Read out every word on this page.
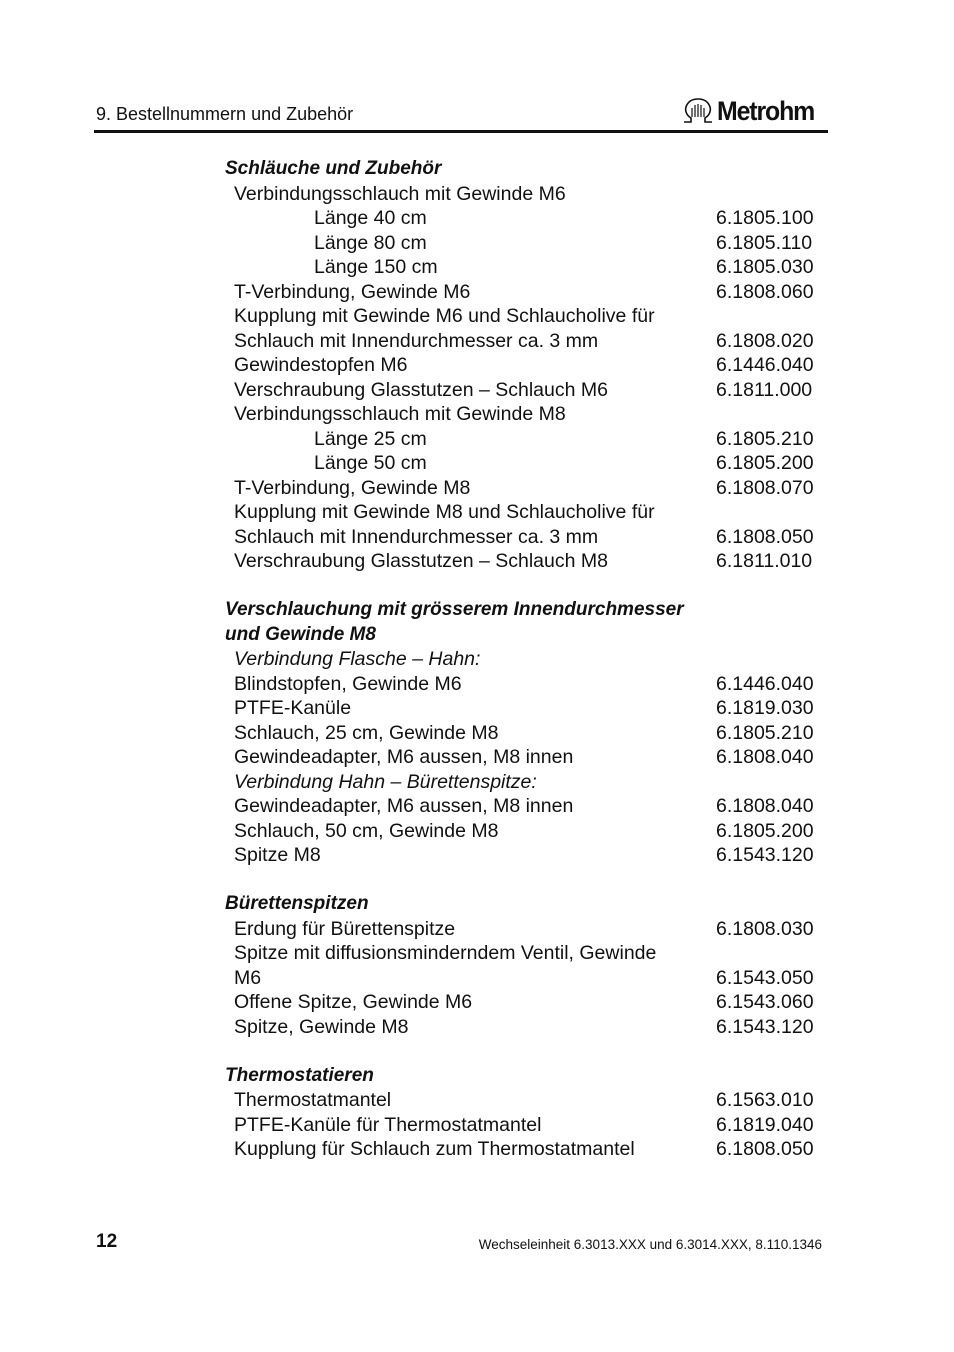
9. Bestellnummern und Zubehör	Metrohm
Schläuche und Zubehör
Verbindungsschlauch mit Gewinde M6
Länge 40 cm	6.1805.100
Länge 80 cm	6.1805.110
Länge 150 cm	6.1805.030
T-Verbindung, Gewinde M6	6.1808.060
Kupplung mit Gewinde M6 und Schlaucholive für
Schlauch mit Innendurchmesser ca. 3 mm	6.1808.020
Gewindestopfen M6	6.1446.040
Verschraubung Glasstutzen – Schlauch M6	6.1811.000
Verbindungsschlauch mit Gewinde M8
Länge 25 cm	6.1805.210
Länge 50 cm	6.1805.200
T-Verbindung, Gewinde M8	6.1808.070
Kupplung mit Gewinde M8 und Schlaucholive für
Schlauch mit Innendurchmesser ca. 3 mm	6.1808.050
Verschraubung Glasstutzen – Schlauch M8	6.1811.010
Verschlauchung mit grösserem Innendurchmesser
und Gewinde M8
Verbindung Flasche – Hahn:
Blindstopfen, Gewinde M6	6.1446.040
PTFE-Kanüle	6.1819.030
Schlauch, 25 cm, Gewinde M8	6.1805.210
Gewindeadapter, M6 aussen, M8 innen	6.1808.040
Verbindung Hahn – Bürettenspitze:
Gewindeadapter, M6 aussen, M8 innen	6.1808.040
Schlauch, 50 cm, Gewinde M8	6.1805.200
Spitze M8	6.1543.120
Bürettenspitzen
Erdung für Bürettenspitze	6.1808.030
Spitze mit diffusionsminderndem Ventil, Gewinde
M6	6.1543.050
Offene Spitze, Gewinde M6	6.1543.060
Spitze, Gewinde M8	6.1543.120
Thermostatieren
Thermostatmantel	6.1563.010
PTFE-Kanüle für Thermostatmantel	6.1819.040
Kupplung für Schlauch zum Thermostatmantel	6.1808.050
12	Wechseleinheit 6.3013.XXX und 6.3014.XXX, 8.110.1346
